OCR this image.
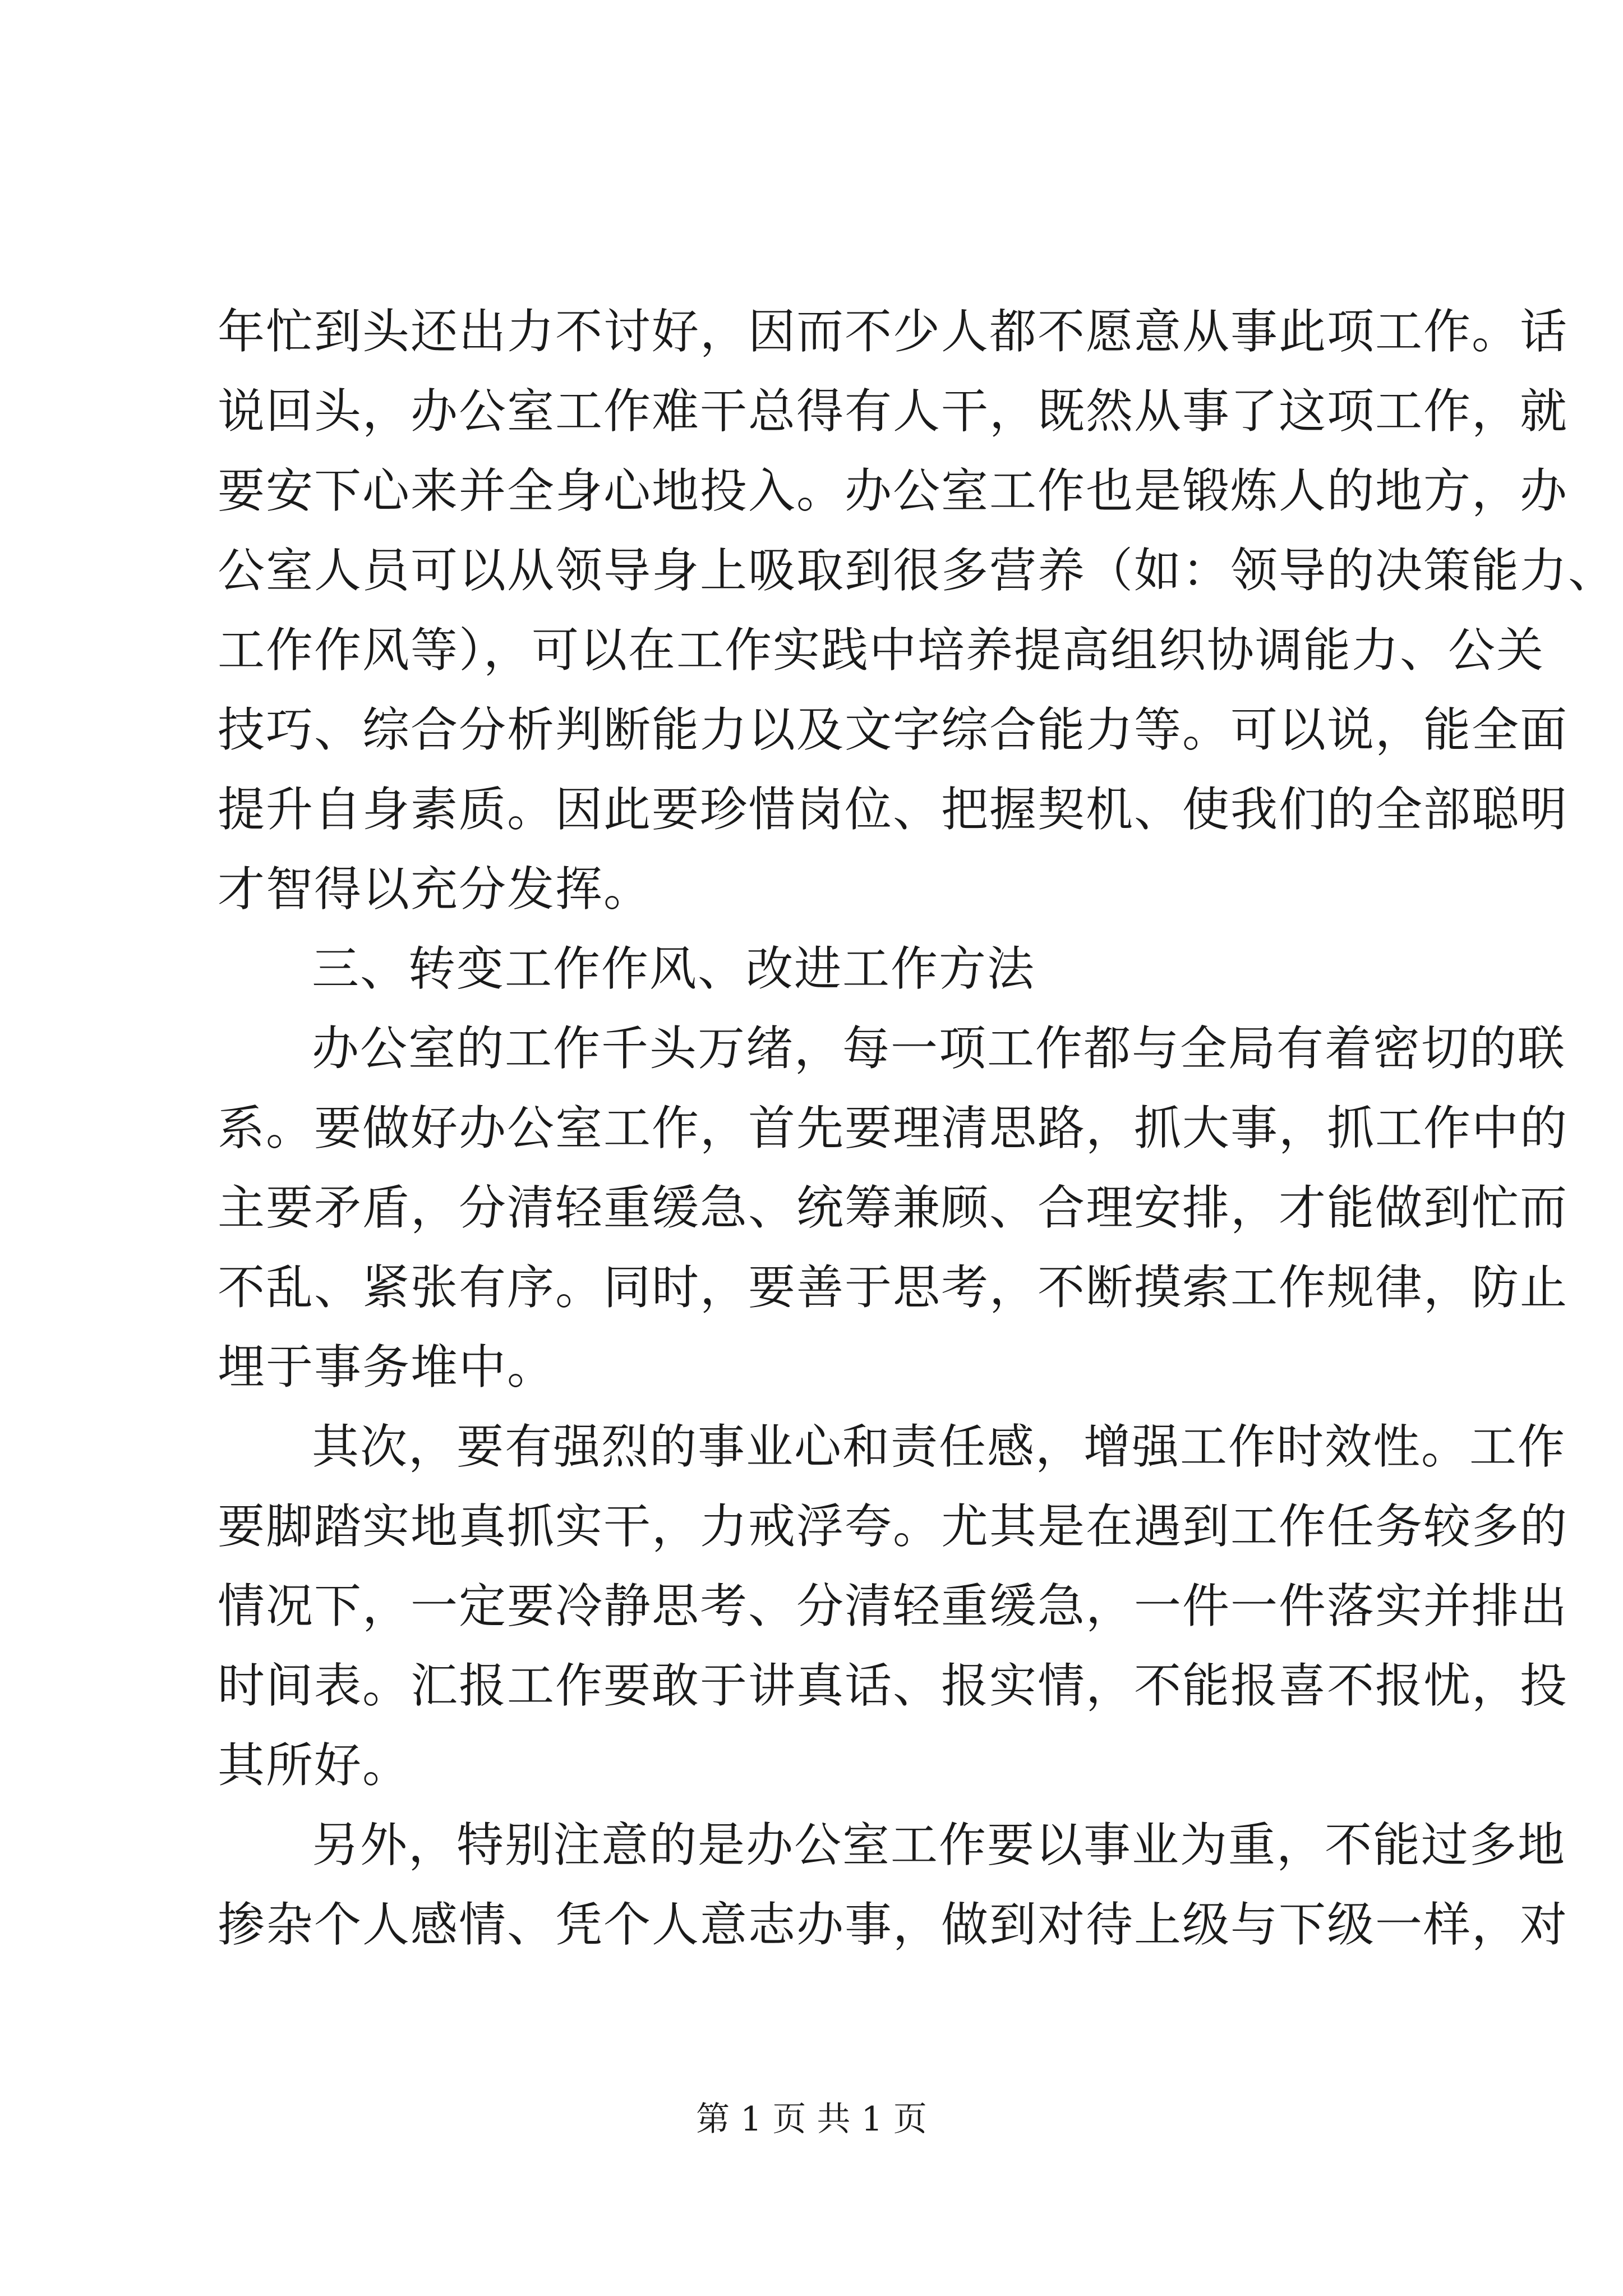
年忙到头还出力不讨好，因而不少人都不愿意从事此项工作。话
说回头，办公室工作难干总得有人干，既然从事了这项工作，就
要安下心来并全身心地投入。办公室工作也是锻炼人的地方，办
公室人员可以从领导身上吸取到很多营养（如：领导的决策能力、
工作作风等），可以在工作实践中培养提高组织协调能力、公关
技巧、综合分析判断能力以及文字综合能力等。可以说，能全面
提升自身素质。因此要珍惜岗位、把握契机、使我们的全部聪明
才智得以充分发挥。
三、转变工作作风、改进工作方法
办公室的工作千头万绪，每一项工作都与全局有着密切的联
系。要做好办公室工作，首先要理清思路，抓大事，抓工作中的
主要矛盾，分清轻重缓急、统筹兼顾、合理安排，才能做到忙而
不乱、紧张有序。同时，要善于思考，不断摸索工作规律，防止
埋于事务堆中。
其次，要有强烈的事业心和责任感，增强工作时效性。工作
要脚踏实地真抓实干，力戒浮夸。尤其是在遇到工作任务较多的
情况下，一定要冷静思考、分清轻重缓急，一件一件落实并排出
时间表。汇报工作要敢于讲真话、报实情，不能报喜不报忧，投
其所好。
另外，特别注意的是办公室工作要以事业为重，不能过多地
掺杂个人感情、凭个人意志办事，做到对待上级与下级一样，对
第 1 页 共 1 页
